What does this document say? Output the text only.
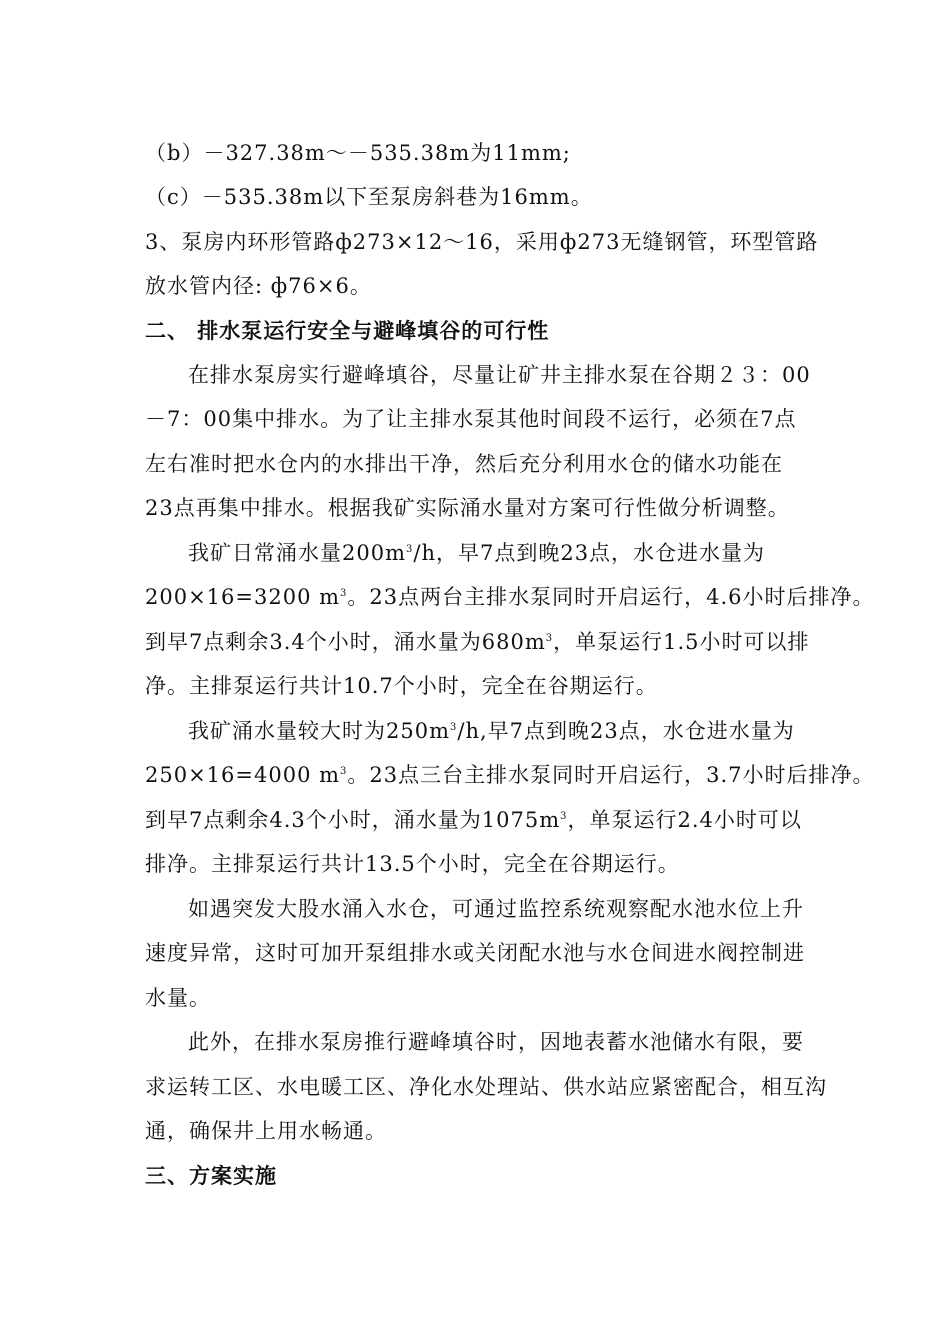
（b）－327.38m～－535.38m为11mm;
（c）－535.38m以下至泵房斜巷为16mm。
3、泵房内环形管路ф273×12～16，采用ф273无缝钢管，环型管路
放水管内径: ф76×6。
二、 排水泵运行安全与避峰填谷的可行性
在排水泵房实行避峰填谷，尽量让矿井主排水泵在谷期２３：00
－7：00集中排水。为了让主排水泵其他时间段不运行，必须在7点
左右准时把水仓内的水排出干净，然后充分利用水仓的储水功能在
23点再集中排水。根据我矿实际涌水量对方案可行性做分析调整。
我矿日常涌水量$200m^3/h$，早7点到晚23点，水仓进水量为
200×16=3200 $m^3$。23点两台主排水泵同时开启运行，4.6小时后排净。
到早7点剩余3.4个小时，涌水量为$680m^3$，单泵运行1.5小时可以排
净。主排泵运行共计10.7个小时，完全在谷期运行。
我矿涌水量较大时为$250m^3/h$,早7点到晚23点，水仓进水量为
250×16=4000 $m^3$。23点三台主排水泵同时开启运行，3.7小时后排净。
到早7点剩余4.3个小时，涌水量为$1075m^3$，单泵运行2.4小时可以
排净。主排泵运行共计13.5个小时，完全在谷期运行。
如遇突发大股水涌入水仓，可通过监控系统观察配水池水位上升
速度异常，这时可加开泵组排水或关闭配水池与水仓间进水阀控制进
水量。
此外，在排水泵房推行避峰填谷时，因地表蓄水池储水有限，要
求运转工区、水电暖工区、净化水处理站、供水站应紧密配合，相互沟
通，确保井上用水畅通。
三、方案实施
